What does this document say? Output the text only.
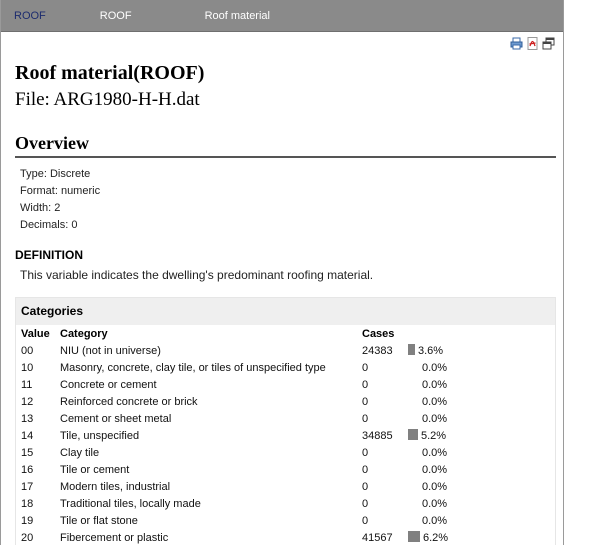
ROOF	ROOF	Roof material
Roof material(ROOF)
File: ARG1980-H-H.dat
Overview
Type: Discrete
Format: numeric
Width: 2
Decimals: 0
DEFINITION
This variable indicates the dwelling's predominant roofing material.
Categories
Value	Category	Cases	
00	NIU (not in universe)	24383	3.6%
10	Masonry, concrete, clay tile, or tiles of unspecified type	0	0.0%
11	Concrete or cement	0	0.0%
12	Reinforced concrete or brick	0	0.0%
13	Cement or sheet metal	0	0.0%
14	Tile, unspecified	34885	5.2%
15	Clay tile	0	0.0%
16	Tile or cement	0	0.0%
17	Modern tiles, industrial	0	0.0%
18	Traditional tiles, locally made	0	0.0%
19	Tile or flat stone	0	0.0%
20	Fibercement or plastic	41567	6.2%
